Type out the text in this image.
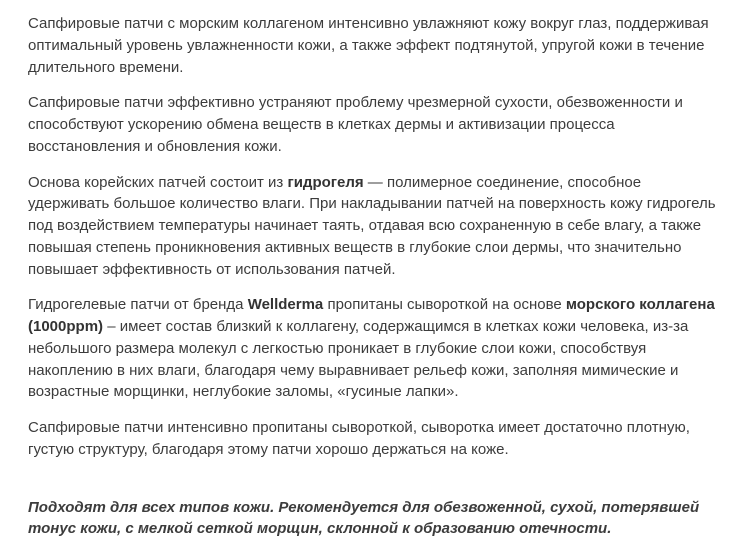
Сапфировые патчи с морским коллагеном интенсивно увлажняют кожу вокруг глаз, поддерживая оптимальный уровень увлажненности кожи, а также эффект подтянутой, упругой кожи в течение длительного времени.

Сапфировые патчи эффективно устраняют проблему чрезмерной сухости, обезвоженности и способствуют ускорению обмена веществ в клетках дермы и активизации процесса восстановления и обновления кожи.

Основа корейских патчей состоит из гидрогеля — полимерное соединение, способное удерживать большое количество влаги. При накладывании патчей на поверхность кожу гидрогель под воздействием температуры начинает таять, отдавая всю сохраненную в себе влагу, а также повышая степень проникновения активных веществ в глубокие слои дермы, что значительно повышает эффективность от использования патчей.

Гидрогелевые патчи от бренда Wellderma пропитаны сывороткой на основе морского коллагена (1000ppm) – имеет состав близкий к коллагену, содержащимся в клетках кожи человека, из-за небольшого размера молекул с легкостью проникает в глубокие слои кожи, способствуя накоплению в них влаги, благодаря чему выравнивает рельеф кожи, заполняя мимические и возрастные морщинки, неглубокие заломы, «гусиные лапки».

Сапфировые патчи интенсивно пропитаны сывороткой, сыворотка имеет достаточно плотную, густую структуру, благодаря этому патчи хорошо держаться на коже.

Подходят для всех типов кожи. Рекомендуется для обезвоженной, сухой, потерявшей тонус кожи, с мелкой сеткой морщин, склонной к образованию отечности.
